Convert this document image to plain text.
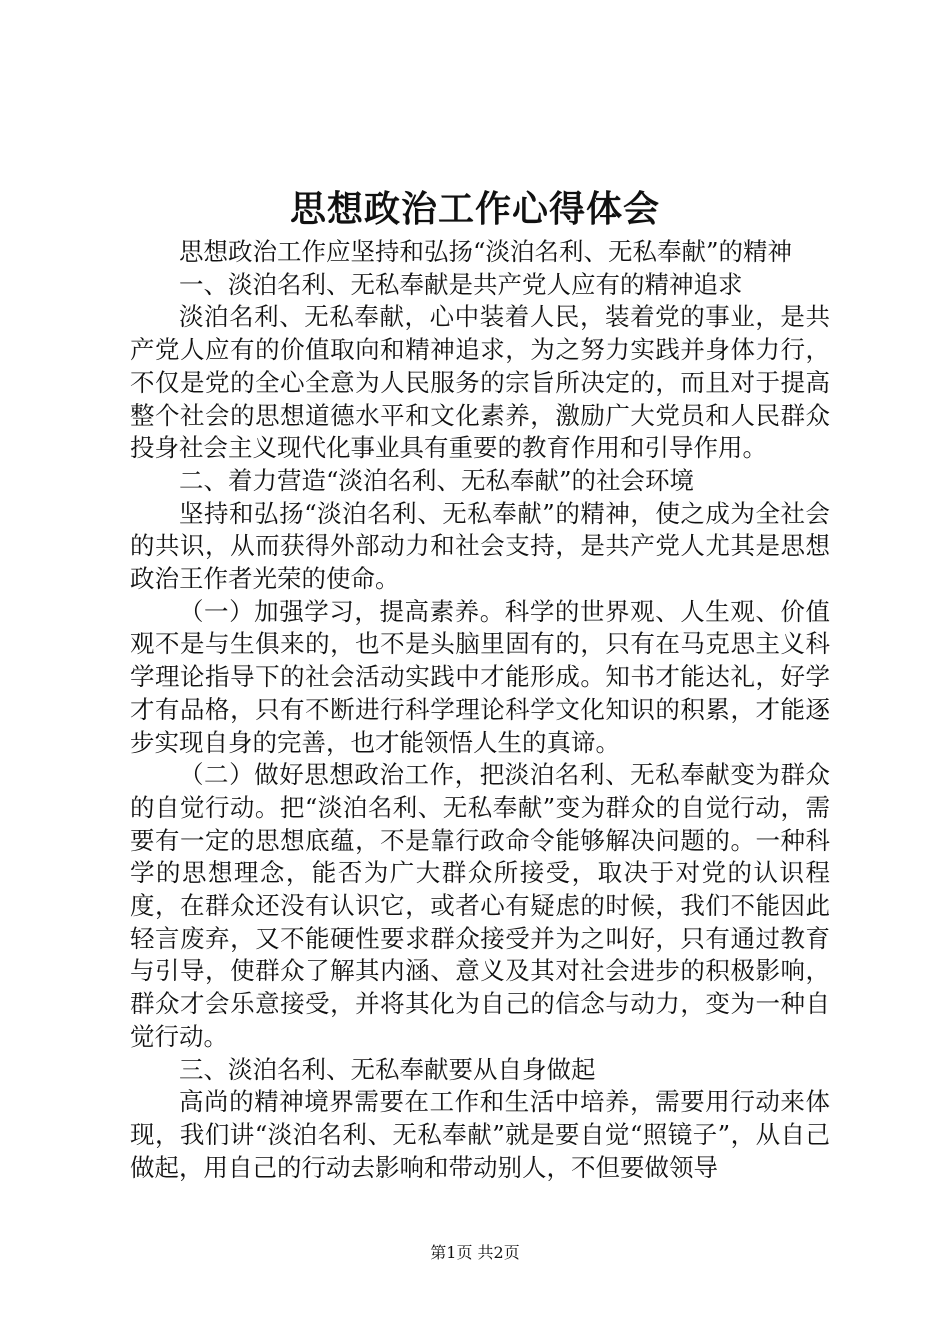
思想政治工作心得体会

思想政治工作应坚持和弘扬“淡泊名利、无私奉献”的精神

一、淡泊名利、无私奉献是共产党人应有的精神追求

淡泊名利、无私奉献，心中装着人民，装着党的事业，是共产党人应有的价值取向和精神追求，为之努力实践并身体力行，不仅是党的全心全意为人民服务的宗旨所决定的，而且对于提高整个社会的思想道德水平和文化素养，激励广大党员和人民群众投身社会主义现代化事业具有重要的教育作用和引导作用。

二、着力营造“淡泊名利、无私奉献”的社会环境

坚持和弘扬“淡泊名利、无私奉献”的精神，使之成为全社会的共识，从而获得外部动力和社会支持，是共产党人尤其是思想政治王作者光荣的使命。

（一）加强学习，提高素养。科学的世界观、人生观、价值观不是与生俱来的，也不是头脑里固有的，只有在马克思主义科学理论指导下的社会活动实践中才能形成。知书才能达礼，好学才有品格，只有不断进行科学理论科学文化知识的积累，才能逐步实现自身的完善，也才能领悟人生的真谛。

（二）做好思想政治工作，把淡泊名利、无私奉献变为群众的自觉行动。把“淡泊名利、无私奉献”变为群众的自觉行动，需要有一定的思想底蕴，不是靠行政命令能够解决问题的。一种科学的思想理念，能否为广大群众所接受，取决于对党的认识程度，在群众还没有认识它，或者心有疑虑的时候，我们不能因此轻言废弃，又不能硬性要求群众接受并为之叫好，只有通过教育与引导，使群众了解其内涵、意义及其对社会进步的积极影响，群众才会乐意接受，并将其化为自己的信念与动力，变为一种自觉行动。

三、淡泊名利、无私奉献要从自身做起

高尚的精神境界需要在工作和生活中培养，需要用行动来体现，我们讲“淡泊名利、无私奉献”就是要自觉“照镜子”，从自己做起，用自己的行动去影响和带动别人，不但要做领导

第1页 共2页
